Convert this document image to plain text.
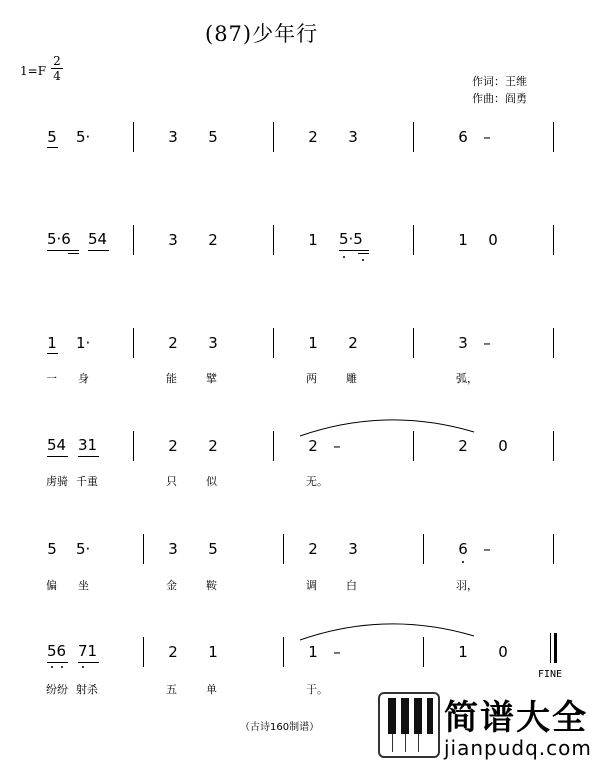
(87)少年行
1=F
2
4	作词：王维
作曲：阎勇
5 5·	3 5	2 3	6 –
5·6 54	3 2	1 5·5	1 0
1 1·	2 3	1 2	3 –
一 身	能	擘	两	雕	弧，
54 31	2 2	2 –	2 0
虏骑 千重	只	似	无。
5 5·	3 5	2 3	6 –
偏 坐	金	鞍	调	白	羽，
56 71	2 1	1 –	1 0
FINE
纷纷 射杀	五	单	于。
（古诗160制谱）	简谱大全
jianpudq.com
